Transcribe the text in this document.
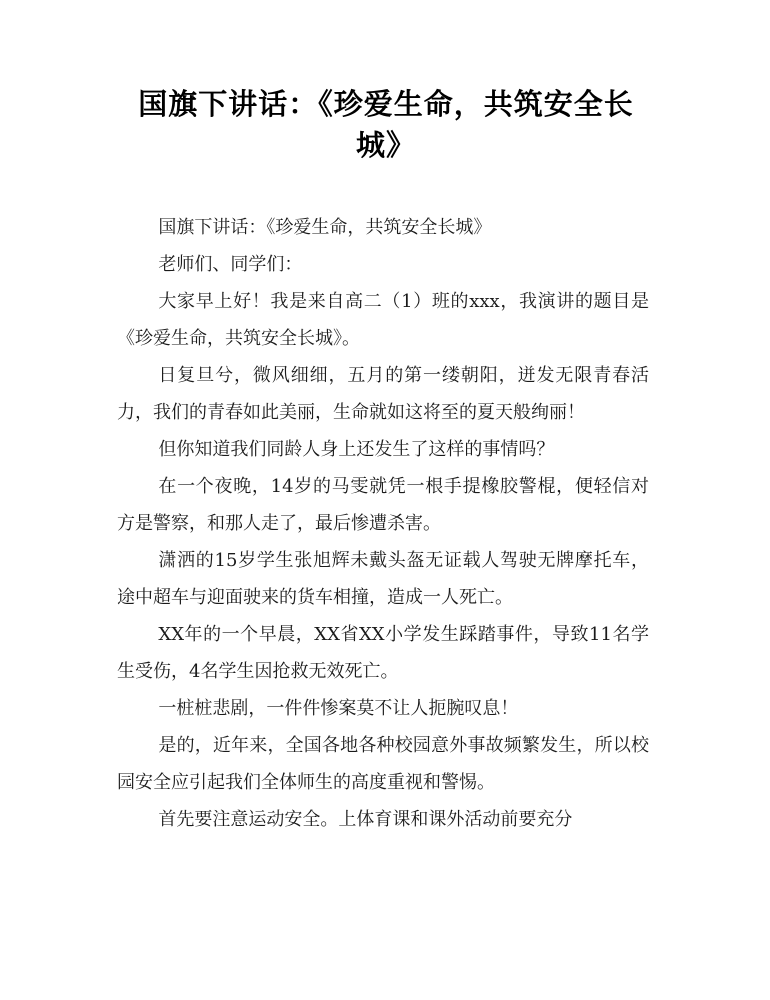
国旗下讲话：《珍爱生命，共筑安全长城》

国旗下讲话：《珍爱生命，共筑安全长城》

老师们、同学们：

大家早上好！我是来自高二（1）班的xxx，我演讲的题目是《珍爱生命，共筑安全长城》。

日复旦兮，微风细细，五月的第一缕朝阳，迸发无限青春活力，我们的青春如此美丽，生命就如这将至的夏天般绚丽！

但你知道我们同龄人身上还发生了这样的事情吗？

在一个夜晚，14岁的马雯就凭一根手提橡胶警棍，便轻信对方是警察，和那人走了，最后惨遭杀害。

潇洒的15岁学生张旭辉未戴头盔无证载人驾驶无牌摩托车，途中超车与迎面驶来的货车相撞，造成一人死亡。

XX年的一个早晨，XX省XX小学发生踩踏事件，导致11名学生受伤，4名学生因抢救无效死亡。

一桩桩悲剧，一件件惨案莫不让人扼腕叹息！

是的，近年来，全国各地各种校园意外事故频繁发生，所以校园安全应引起我们全体师生的高度重视和警惕。

首先要注意运动安全。上体育课和课外活动前要充分
